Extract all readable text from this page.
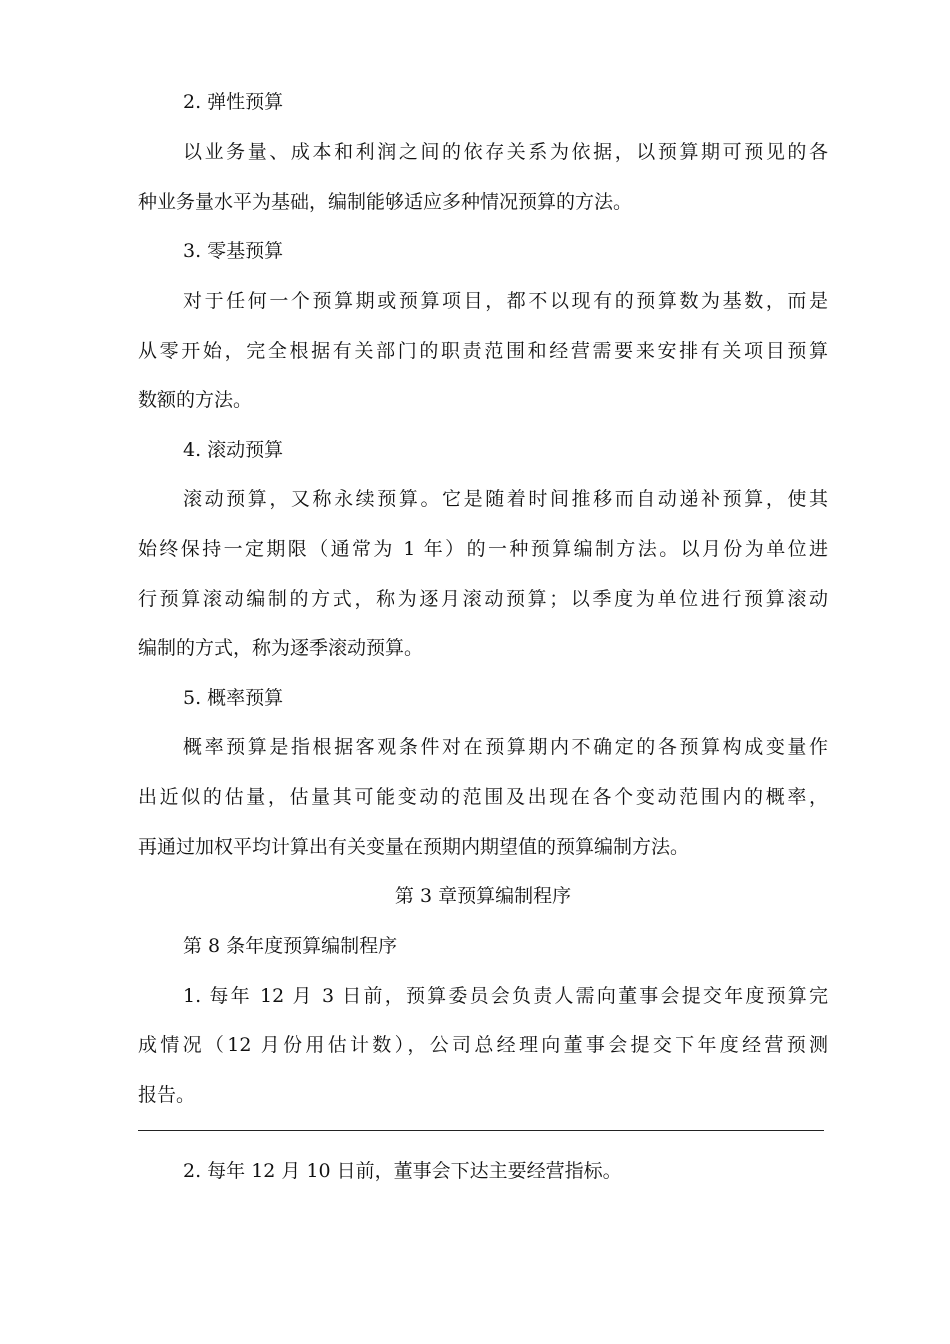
2. 弹性预算
以业务量、成本和利润之间的依存关系为依据，以预算期可预见的各
种业务量水平为基础，编制能够适应多种情况预算的方法。
3. 零基预算
对于任何一个预算期或预算项目，都不以现有的预算数为基数，而是
从零开始，完全根据有关部门的职责范围和经营需要来安排有关项目预算
数额的方法。
4. 滚动预算
滚动预算，又称永续预算。它是随着时间推移而自动递补预算，使其
始终保持一定期限（通常为 1 年）的一种预算编制方法。以月份为单位进
行预算滚动编制的方式，称为逐月滚动预算；以季度为单位进行预算滚动
编制的方式，称为逐季滚动预算。
5. 概率预算
概率预算是指根据客观条件对在预算期内不确定的各预算构成变量作
出近似的估量，估量其可能变动的范围及出现在各个变动范围内的概率，
再通过加权平均计算出有关变量在预期内期望值的预算编制方法。
第 3 章预算编制程序
第 8 条年度预算编制程序
1. 每年 12 月 3 日前，预算委员会负责人需向董事会提交年度预算完
成情况（12 月份用估计数），公司总经理向董事会提交下年度经营预测
报告。
2. 每年 12 月 10 日前，董事会下达主要经营指标。
